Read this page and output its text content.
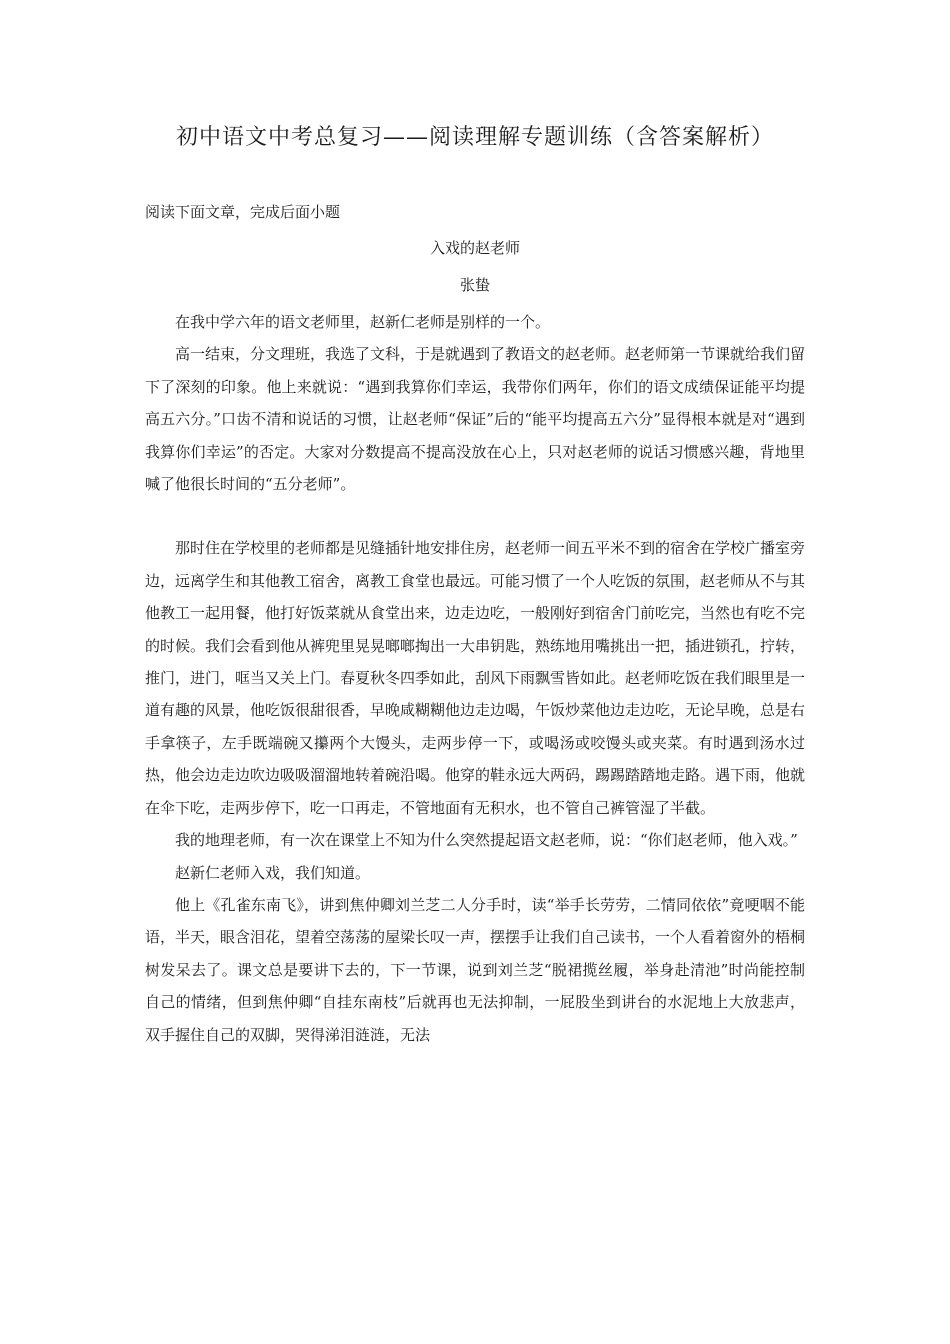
初中语文中考总复习——阅读理解专题训练（含答案解析）
阅读下面文章，完成后面小题
入戏的赵老师
张蛰

在我中学六年的语文老师里，赵新仁老师是别样的一个。

高一结束，分文理班，我选了文科，于是就遇到了教语文的赵老师。赵老师第一节课就给我们留下了深刻的印象。他上来就说：“遇到我算你们幸运，我带你们两年，你们的语文成绩保证能平均提高五六分。”口齿不清和说话的习惯，让赵老师“保证”后的“能平均提高五六分”显得根本就是对“遇到我算你们幸运”的否定。大家对分数提高不提高没放在心上，只对赵老师的说话习惯感兴趣，背地里喊了他很长时间的“五分老师”。

那时住在学校里的老师都是见缝插针地安排住房，赵老师一间五平米不到的宿舍在学校广播室旁边，远离学生和其他教工宿舍，离教工食堂也最远。可能习惯了一个人吃饭的氛围，赵老师从不与其他教工一起用餐，他打好饭菜就从食堂出来，边走边吃，一般刚好到宿舍门前吃完，当然也有吃不完的时候。我们会看到他从裤兜里晃晃啷啷掏出一大串钥匙，熟练地用嘴挑出一把，插进锁孔，拧转，推门，进门，哐当又关上门。春夏秋冬四季如此，刮风下雨飘雪皆如此。赵老师吃饭在我们眼里是一道有趣的风景，他吃饭很甜很香，早晚咸糊糊他边走边喝，午饭炒菜他边走边吃，无论早晚，总是右手拿筷子，左手既端碗又攥两个大馒头，走两步停一下，或喝汤或咬馒头或夹菜。有时遇到汤水过热，他会边走边吹边吸吸溜溜地转着碗沿喝。他穿的鞋永远大两码，踢踢踏踏地走路。遇下雨，他就在伞下吃，走两步停下，吃一口再走，不管地面有无积水，也不管自己裤管湿了半截。

我的地理老师，有一次在课堂上不知为什么突然提起语文赵老师，说：“你们赵老师，他入戏。”

赵新仁老师入戏，我们知道。

他上《孔雀东南飞》，讲到焦仲卿刘兰芝二人分手时，读“举手长劳劳，二情同依依”竟哽咽不能语，半天，眼含泪花，望着空荡荡的屋梁长叹一声，摆摆手让我们自己读书，一个人看着窗外的梧桐树发呆去了。课文总是要讲下去的，下一节课，说到刘兰芝“脱裙揽丝履，举身赴清池”时尚能控制自己的情绪，但到焦仲卿“自挂东南枝”后就再也无法抑制，一屁股坐到讲台的水泥地上大放悲声，双手握住自己的双脚，哭得涕泪涟涟，无法
